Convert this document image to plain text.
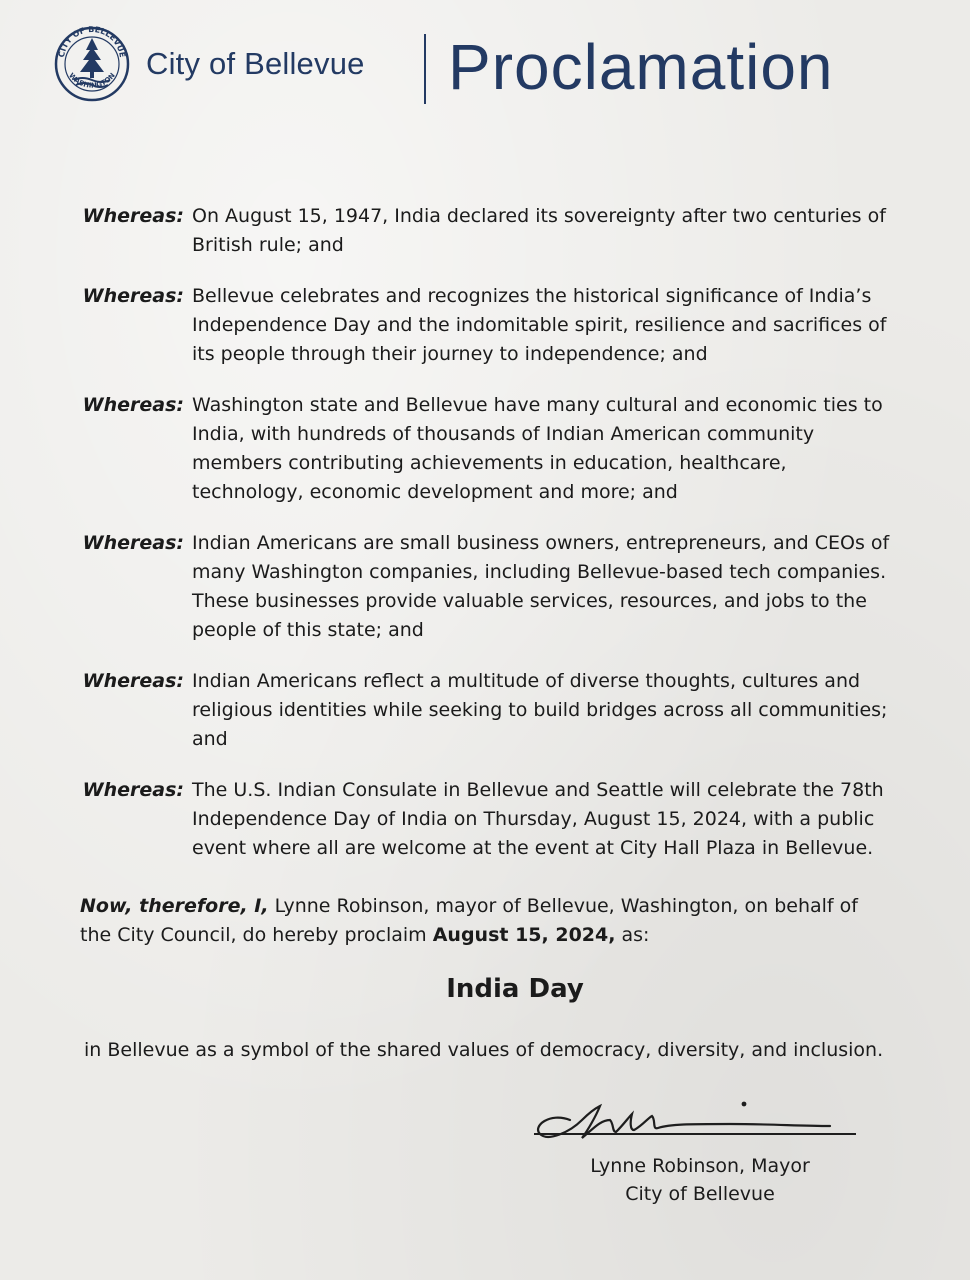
CITY OF BELLEVUE
WASHINGTON City of Bellevue Proclamation
Whereas: On August 15, 1947, India declared its sovereignty after two centuries of British rule; and
Whereas: Bellevue celebrates and recognizes the historical significance of India’s Independence Day and the indomitable spirit, resilience and sacrifices of its people through their journey to independence; and
Whereas: Washington state and Bellevue have many cultural and economic ties to India, with hundreds of thousands of Indian American community members contributing achievements in education, healthcare, technology, economic development and more; and
Whereas: Indian Americans are small business owners, entrepreneurs, and CEOs of many Washington companies, including Bellevue-based tech companies. These businesses provide valuable services, resources, and jobs to the people of this state; and
Whereas: Indian Americans reflect a multitude of diverse thoughts, cultures and religious identities while seeking to build bridges across all communities; and
Whereas: The U.S. Indian Consulate in Bellevue and Seattle will celebrate the 78th Independence Day of India on Thursday, August 15, 2024, with a public event where all are welcome at the event at City Hall Plaza in Bellevue.
Now, therefore, I, Lynne Robinson, mayor of Bellevue, Washington, on behalf of the City Council, do hereby proclaim August 15, 2024, as:
India Day
in Bellevue as a symbol of the shared values of democracy, diversity, and inclusion.
Lynne Robinson, Mayor
City of Bellevue
